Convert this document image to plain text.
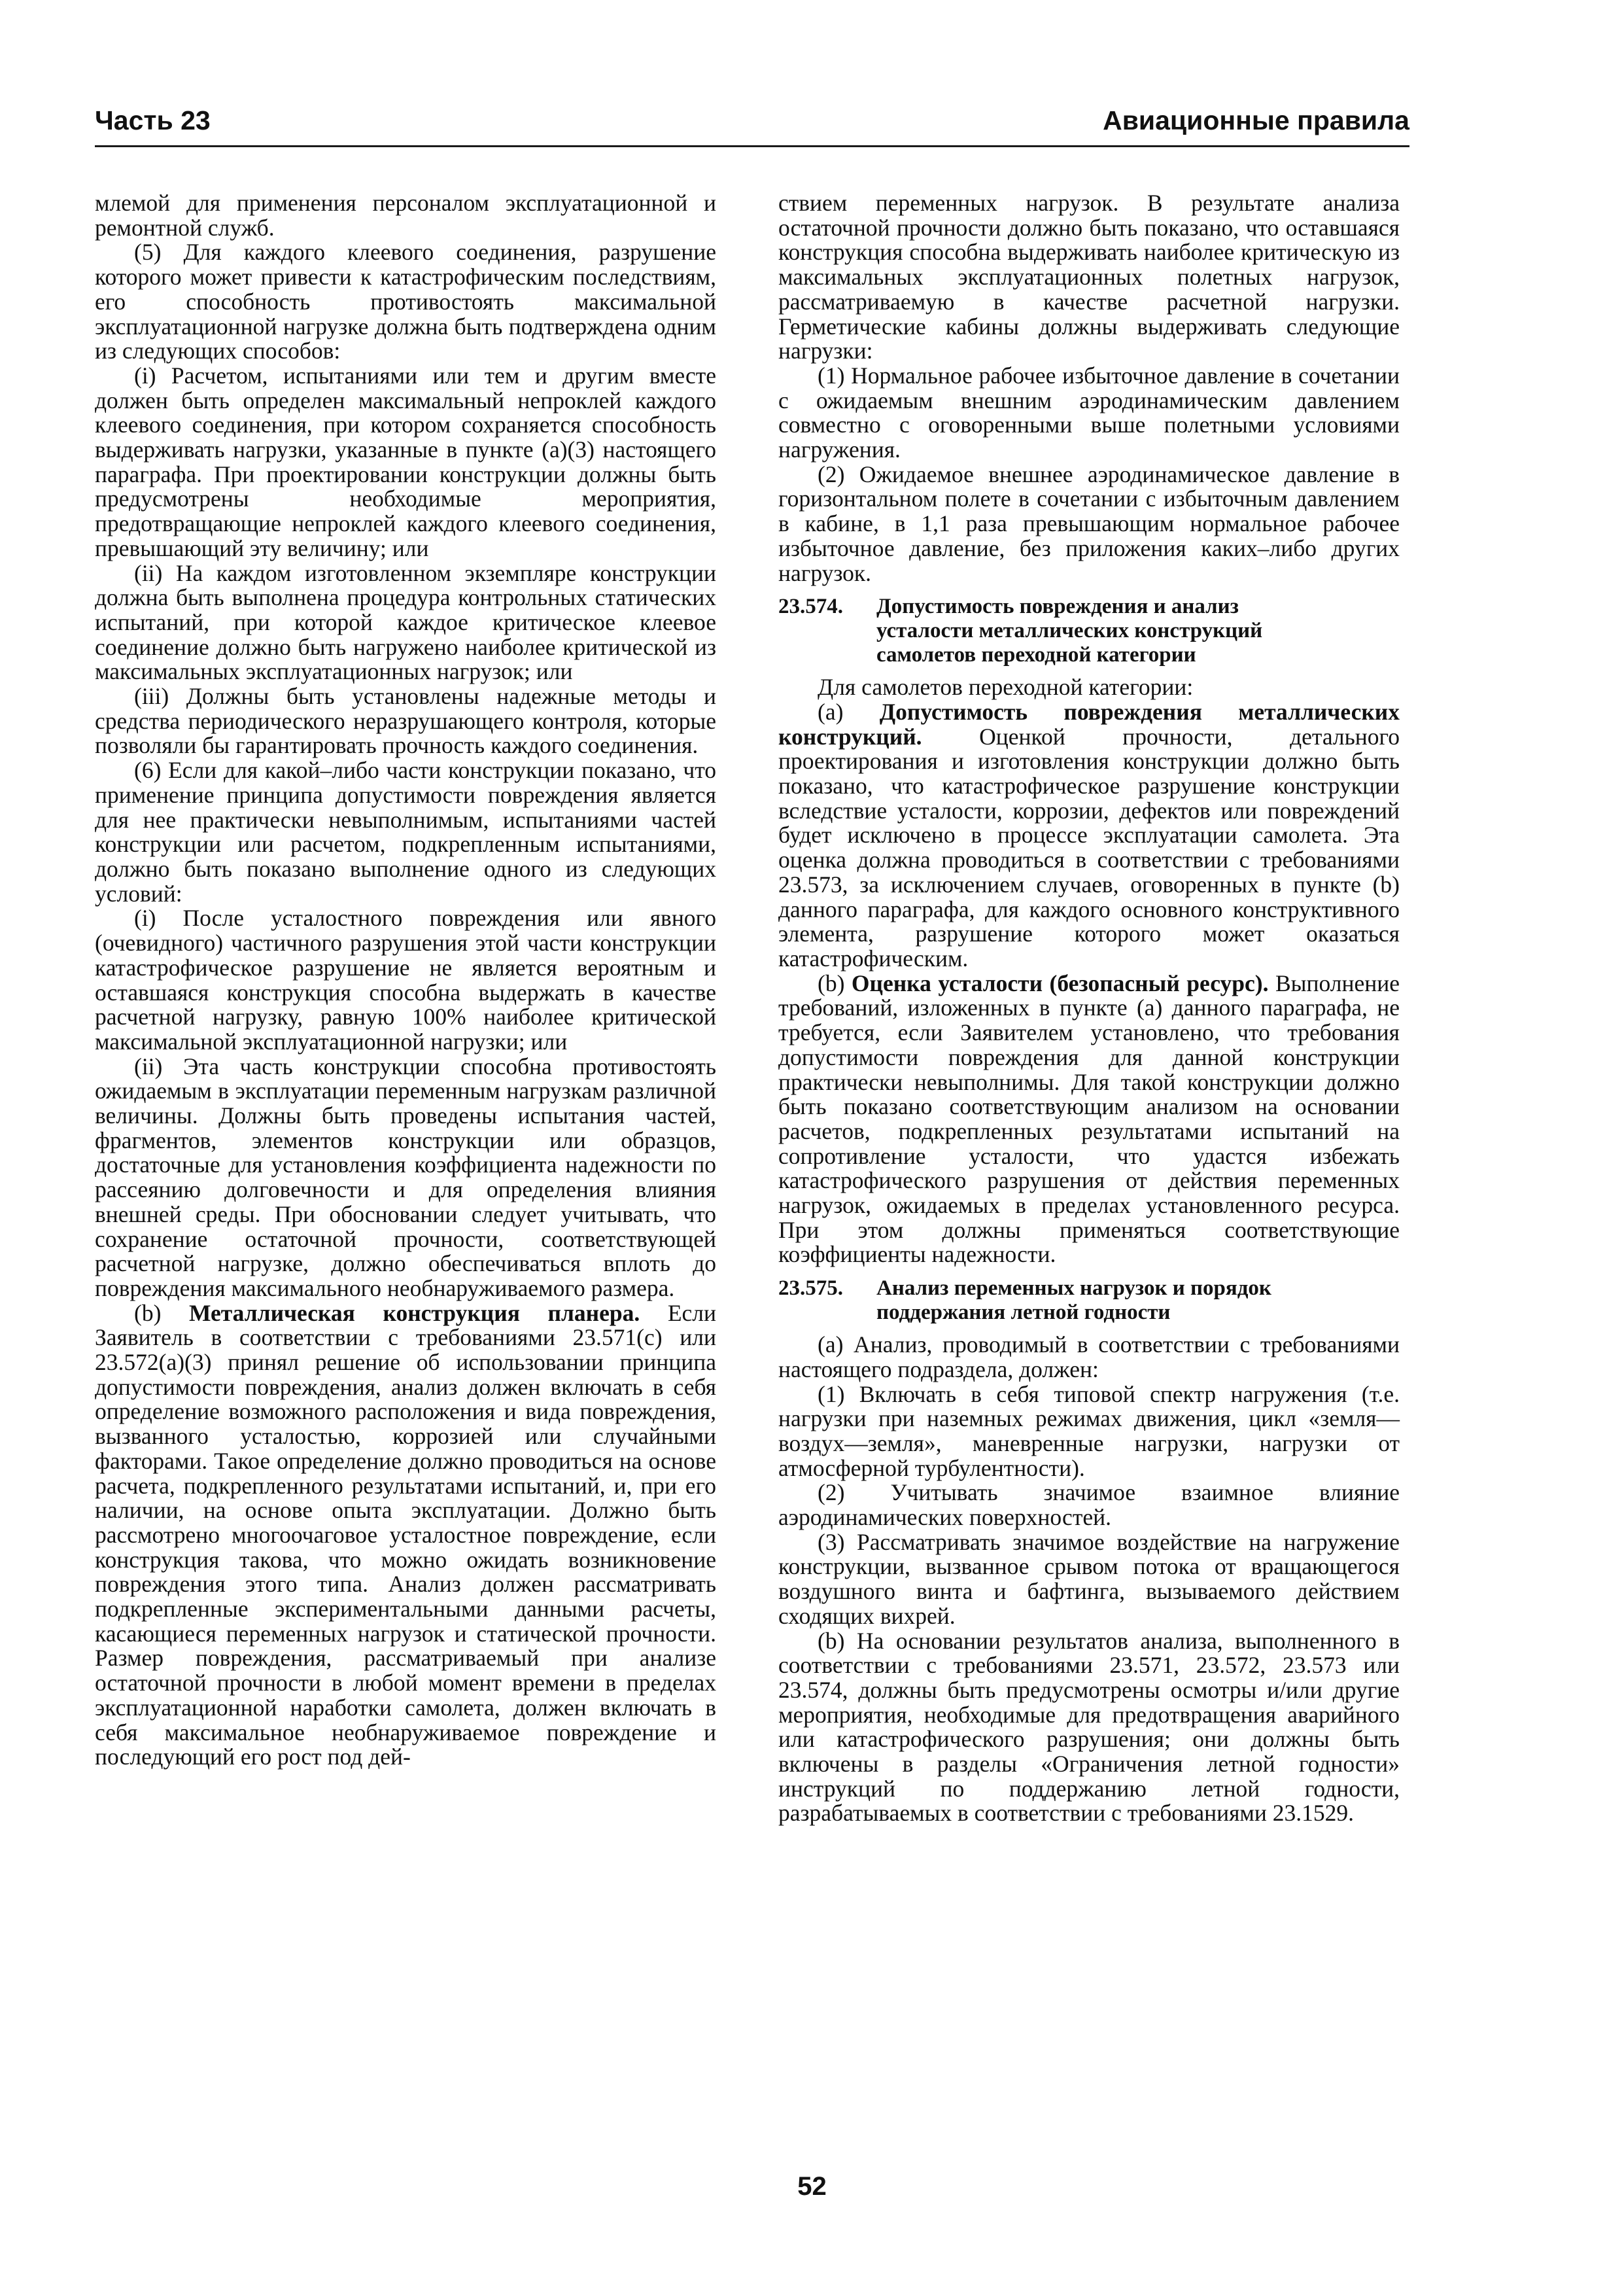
Часть 23	Авиационные правила

млемой для применения персоналом эксплуатационной и ремонтной служб.

(5) Для каждого клеевого соединения, разрушение которого может привести к катастрофическим последствиям, его способность противостоять максимальной эксплуатационной нагрузке должна быть подтверждена одним из следующих способов:

(i) Расчетом, испытаниями или тем и другим вместе должен быть определен максимальный непроклей каждого клеевого соединения, при котором сохраняется способность выдерживать нагрузки, указанные в пункте (a)(3) настоящего параграфа. При проектировании конструкции должны быть предусмотрены необходимые мероприятия, предотвращающие непроклей каждого клеевого соединения, превышающий эту величину; или

(ii) На каждом изготовленном экземпляре конструкции должна быть выполнена процедура контрольных статических испытаний, при которой каждое критическое клеевое соединение должно быть нагружено наиболее критической из максимальных эксплуатационных нагрузок; или

(iii) Должны быть установлены надежные методы и средства периодического неразрушающего контроля, которые позволяли бы гарантировать прочность каждого соединения.

(6) Если для какой–либо части конструкции показано, что применение принципа допустимости повреждения является для нее практически невыполнимым, испытаниями частей конструкции или расчетом, подкрепленным испытаниями, должно быть показано выполнение одного из следующих условий:

(i) После усталостного повреждения или явного (очевидного) частичного разрушения этой части конструкции катастрофическое разрушение не является вероятным и оставшаяся конструкция способна выдержать в качестве расчетной нагрузку, равную 100% наиболее критической максимальной эксплуатационной нагрузки; или

(ii) Эта часть конструкции способна противостоять ожидаемым в эксплуатации переменным нагрузкам различной величины. Должны быть проведены испытания частей, фрагментов, элементов конструкции или образцов, достаточные для установления коэффициента надежности по рассеянию долговечности и для определения влияния внешней среды. При обосновании следует учитывать, что сохранение остаточной прочности, соответствующей расчетной нагрузке, должно обеспечиваться вплоть до повреждения максимального необнаруживаемого размера.

(b) Металлическая конструкция планера. Если Заявитель в соответствии с требованиями 23.571(c) или 23.572(a)(3) принял решение об использовании принципа допустимости повреждения, анализ должен включать в себя определение возможного расположения и вида повреждения, вызванного усталостью, коррозией или случайными факторами. Такое определение должно проводиться на основе расчета, подкрепленного результатами испытаний, и, при его наличии, на основе опыта эксплуатации. Должно быть рассмотрено многоочаговое усталостное повреждение, если конструкция такова, что можно ожидать возникновение повреждения этого типа. Анализ должен рассматривать подкрепленные экспериментальными данными расчеты, касающиеся переменных нагрузок и статической прочности. Размер повреждения, рассматриваемый при анализе остаточной прочности в любой момент времени в пределах эксплуатационной наработки самолета, должен включать в себя максимальное необнаруживаемое повреждение и последующий его рост под дей-

ствием переменных нагрузок. В результате анализа остаточной прочности должно быть показано, что оставшаяся конструкция способна выдерживать наиболее критическую из максимальных эксплуатационных полетных нагрузок, рассматриваемую в качестве расчетной нагрузки. Герметические кабины должны выдерживать следующие нагрузки:

(1) Нормальное рабочее избыточное давление в сочетании с ожидаемым внешним аэродинамическим давлением совместно с оговоренными выше полетными условиями нагружения.

(2) Ожидаемое внешнее аэродинамическое давление в горизонтальном полете в сочетании с избыточным давлением в кабине, в 1,1 раза превышающим нормальное рабочее избыточное давление, без приложения каких–либо других нагрузок.

23.574. Допустимость повреждения и анализ
усталости металлических конструкций
самолетов переходной категории

Для самолетов переходной категории:

(a) Допустимость повреждения металлических конструкций. Оценкой прочности, детального проектирования и изготовления конструкции должно быть показано, что катастрофическое разрушение конструкции вследствие усталости, коррозии, дефектов или повреждений будет исключено в процессе эксплуатации самолета. Эта оценка должна проводиться в соответствии с требованиями 23.573, за исключением случаев, оговоренных в пункте (b) данного параграфа, для каждого основного конструктивного элемента, разрушение которого может оказаться катастрофическим.

(b) Оценка усталости (безопасный ресурс). Выполнение требований, изложенных в пункте (a) данного параграфа, не требуется, если Заявителем установлено, что требования допустимости повреждения для данной конструкции практически невыполнимы. Для такой конструкции должно быть показано соответствующим анализом на основании расчетов, подкрепленных результатами испытаний на сопротивление усталости, что удастся избежать катастрофического разрушения от действия переменных нагрузок, ожидаемых в пределах установленного ресурса. При этом должны применяться соответствующие коэффициенты надежности.

23.575. Анализ переменных нагрузок и порядок
поддержания летной годности

(a) Анализ, проводимый в соответствии с требованиями настоящего подраздела, должен:

(1) Включать в себя типовой спектр нагружения (т.е. нагрузки при наземных режимах движения, цикл «земля—воздух—земля», маневренные нагрузки, нагрузки от атмосферной турбулентности).

(2) Учитывать значимое взаимное влияние аэродинамических поверхностей.

(3) Рассматривать значимое воздействие на нагружение конструкции, вызванное срывом потока от вращающегося воздушного винта и бафтинга, вызываемого действием сходящих вихрей.

(b) На основании результатов анализа, выполненного в соответствии с требованиями 23.571, 23.572, 23.573 или 23.574, должны быть предусмотрены осмотры и/или другие мероприятия, необходимые для предотвращения аварийного или катастрофического разрушения; они должны быть включены в разделы «Ограничения летной годности» инструкций по поддержанию летной годности, разрабатываемых в соответствии с требованиями 23.1529.

52
